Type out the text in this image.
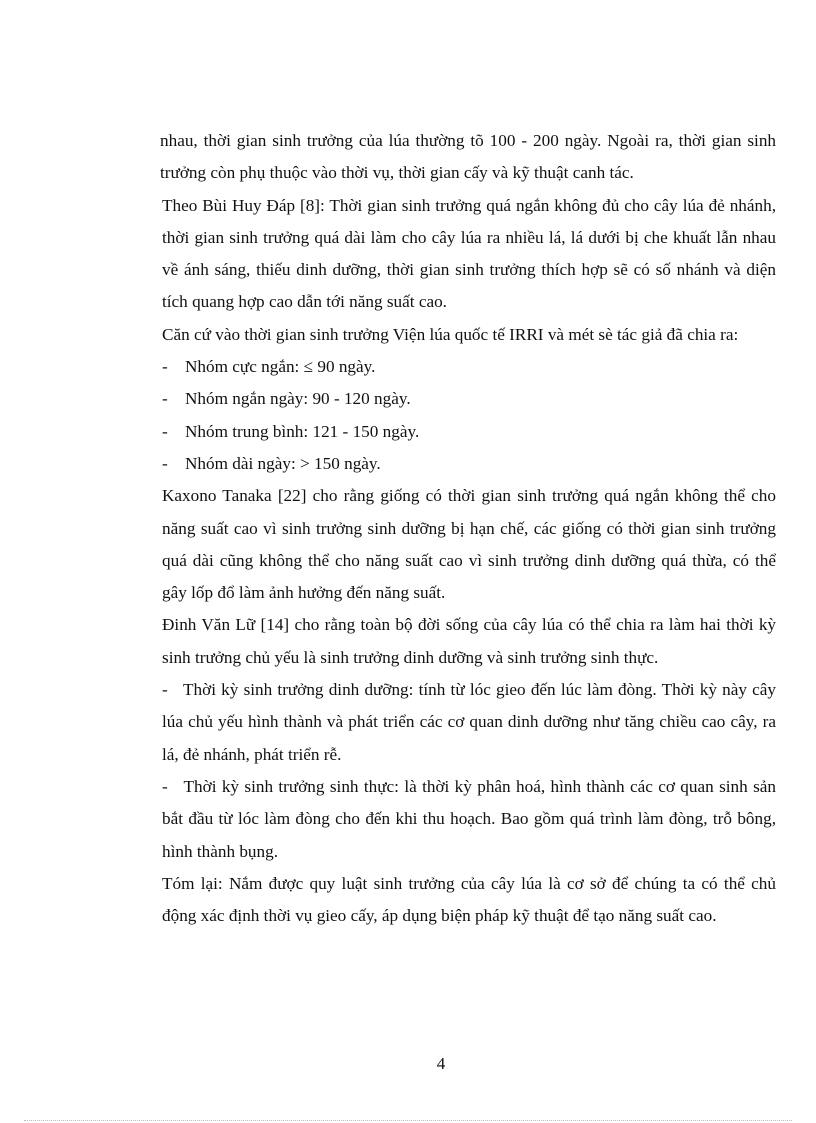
nhau, thời gian sinh trưởng của lúa thường tõ 100 - 200 ngày. Ngoài ra, thời gian sinh trưởng còn phụ thuộc vào thời vụ, thời gian cấy và kỹ thuật canh tác.

Theo Bùi Huy Đáp [8]: Thời gian sinh trưởng quá ngắn không đủ cho cây lúa đẻ nhánh, thời gian sinh trưởng quá dài làm cho cây lúa ra nhiều lá, lá dưới bị che khuất lẫn nhau về ánh sáng, thiếu dinh dưỡng, thời gian sinh trưởng thích hợp sẽ có số nhánh và diện tích quang hợp cao dẫn tới năng suất cao.

Căn cứ vào thời gian sinh trưởng Viện lúa quốc tế IRRI và mét sè tác giả đã chia ra:

- Nhóm cực ngắn: ≤ 90 ngày.

- Nhóm ngắn ngày: 90 - 120 ngày.

- Nhóm trung bình: 121 - 150 ngày.

- Nhóm dài ngày: > 150 ngày.

Kaxono Tanaka [22] cho rằng giống có thời gian sinh trưởng quá ngắn không thể cho năng suất cao vì sinh trưởng sinh dưỡng bị hạn chế, các giống có thời gian sinh trưởng quá dài cũng không thể cho năng suất cao vì sinh trưởng dinh dưỡng quá thừa, có thể gây lốp đổ làm ảnh hưởng đến năng suất.

Đinh Văn Lữ [14] cho rằng toàn bộ đời sống của cây lúa có thể chia ra làm hai thời kỳ sinh trưởng chủ yếu là sinh trưởng dinh dưỡng và sinh trưởng sinh thực.

- Thời kỳ sinh trưởng dinh dưỡng: tính từ lóc gieo đến lúc làm đòng. Thời kỳ này cây lúa chủ yếu hình thành và phát triển các cơ quan dinh dưỡng như tăng chiều cao cây, ra lá, đẻ nhánh, phát triển rễ.

- Thời kỳ sinh trưởng sinh thực: là thời kỳ phân hoá, hình thành các cơ quan sinh sản bắt đầu từ lóc làm đòng cho đến khi thu hoạch. Bao gồm quá trình làm đòng, trỗ bông, hình thành bụng.

Tóm lại: Nắm được quy luật sinh trưởng của cây lúa là cơ sở để chúng ta có thể chủ động xác định thời vụ gieo cấy, áp dụng biện pháp kỹ thuật để tạo năng suất cao.

4
